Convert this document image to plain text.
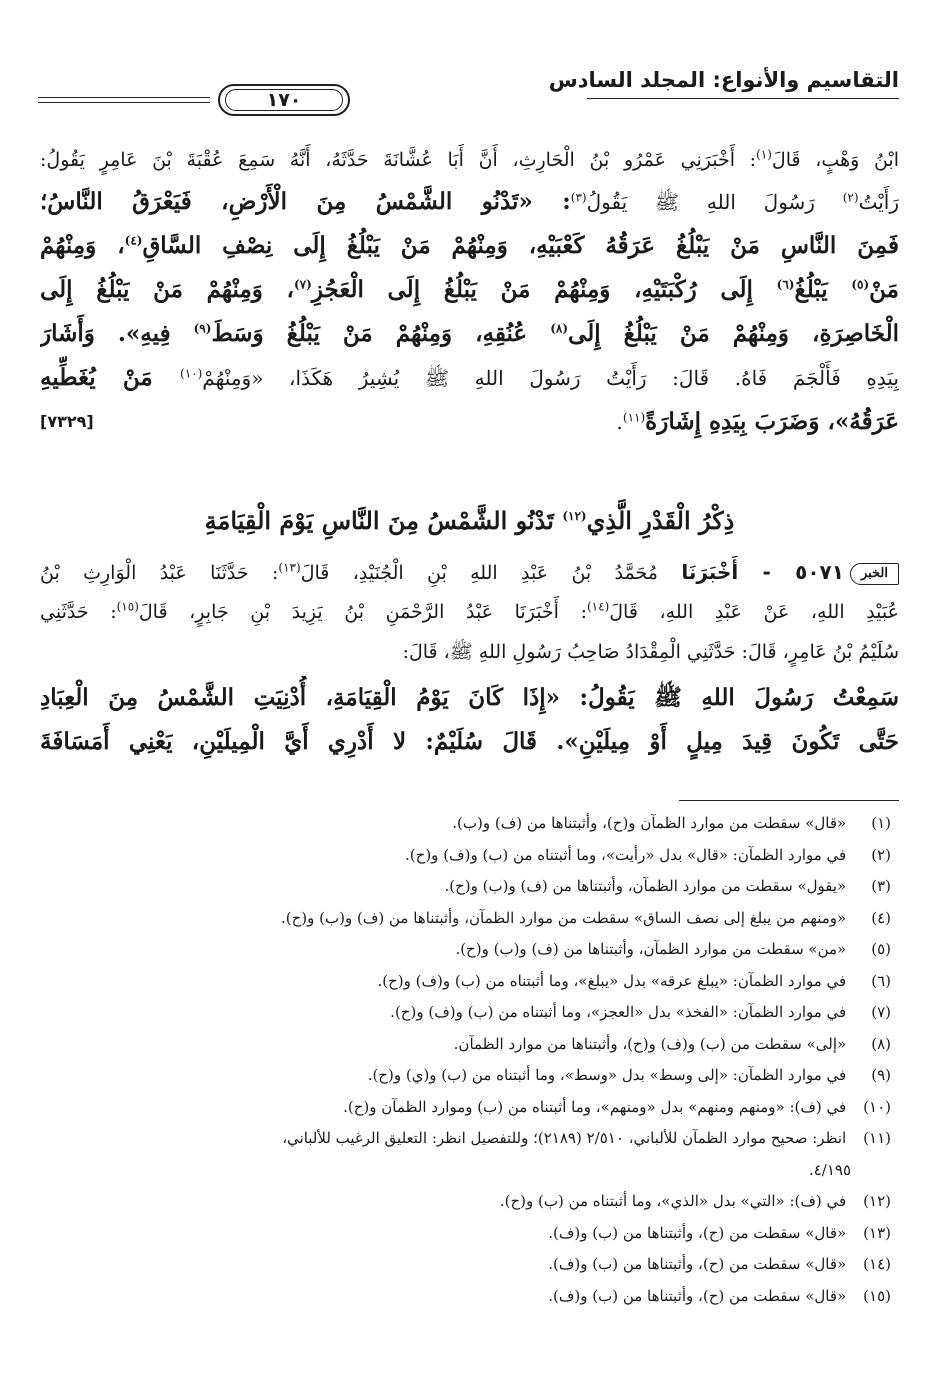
التقاسيم والأنواع: المجلد السادس
١٧٠
ابْنُ وَهْبٍ، قَالَ$^{(١)}$: أَخْبَرَنِي عَمْرُو بْنُ الْحَارِثِ، أَنَّ أَبَا عُشَّانَةَ حَدَّثَهُ، أَنَّهُ سَمِعَ عُقْبَةَ بْنَ عَامِرٍ يَقُولُ:
رَأَيْتُ$^{(٢)}$ رَسُولَ اللهِ ﷺ يَقُولُ$^{(٣)}$: «تَدْنُو الشَّمْسُ مِنَ الْأَرْضِ، فَيَعْرَقُ النَّاسُ؛
فَمِنَ النَّاسِ مَنْ يَبْلُغُ عَرَقُهُ كَعْبَيْهِ، وَمِنْهُمْ مَنْ يَبْلُغُ إِلَى نِصْفِ السَّاقِ$^{(٤)}$، وَمِنْهُمْ
مَنْ$^{(٥)}$ يَبْلُغُ$^{(٦)}$ إِلَى رُكْبَتَيْهِ، وَمِنْهُمْ مَنْ يَبْلُغُ إِلَى الْعَجُزِ$^{(٧)}$، وَمِنْهُمْ مَنْ يَبْلُغُ إِلَى
الْخَاصِرَةِ، وَمِنْهُمْ مَنْ يَبْلُغُ إِلَى$^{(٨)}$ عُنُقِهِ، وَمِنْهُمْ مَنْ يَبْلُغُ وَسَطَ$^{(٩)}$ فِيهِ». وَأَشَارَ
بِيَدِهِ فَأَلْجَمَ فَاهُ. قَالَ: رَأَيْتُ رَسُولَ اللهِ ﷺ يُشِيرُ هَكَذَا، «وَمِنْهُمْ$^{(١٠)}$ مَنْ يُغَطِّيهِ
عَرَقُهُ»، وَضَرَبَ بِيَدِهِ إِشَارَةً$^{(١١)}$.
[٧٣٢٩]
ذِكْرُ الْقَدْرِ الَّذِي$^{(١٢)}$ تَدْنُو الشَّمْسُ مِنَ النَّاسِ يَوْمَ الْقِيَامَةِ
الخبر٥٠٧١ - أَخْبَرَنَا مُحَمَّدُ بْنُ عَبْدِ اللهِ بْنِ الْجُنَيْدِ، قَالَ$^{(١٣)}$: حَدَّثَنَا عَبْدُ الْوَارِثِ بْنُ
عُبَيْدِ اللهِ، عَنْ عَبْدِ اللهِ، قَالَ$^{(١٤)}$: أَخْبَرَنَا عَبْدُ الرَّحْمَنِ بْنُ يَزِيدَ بْنِ جَابِرٍ، قَالَ$^{(١٥)}$: حَدَّثَنِي
سُلَيْمُ بْنُ عَامِرٍ، قَالَ: حَدَّثَنِي الْمِقْدَادُ صَاحِبُ رَسُولِ اللهِ ﷺ، قَالَ:
سَمِعْتُ رَسُولَ اللهِ ﷺ يَقُولُ: «إِذَا كَانَ يَوْمُ الْقِيَامَةِ، أُدْنِيَتِ الشَّمْسُ مِنَ الْعِبَادِ
حَتَّى تَكُونَ قِيدَ مِيلٍ أَوْ مِيلَيْنِ». قَالَ سُلَيْمٌ: لا أَدْرِي أَيَّ الْمِيلَيْنِ، يَعْنِي أَمَسَافَةَ
(١) «قال» سقطت من موارد الظمآن و(ح)، وأثبتناها من (ف) و(ب).
(٢) في موارد الظمآن: «قال» بدل «رأيت»، وما أثبتناه من (ب) و(ف) و(ح).
(٣) «يقول» سقطت من موارد الظمآن، وأثبتناها من (ف) و(ب) و(ح).
(٤) «ومنهم من يبلغ إلى نصف الساق» سقطت من موارد الظمآن، وأثبتناها من (ف) و(ب) و(ح).
(٥) «من» سقطت من موارد الظمآن، وأثبتناها من (ف) و(ب) و(ح).
(٦) في موارد الظمآن: «يبلغ عرقه» بدل «يبلغ»، وما أثبتناه من (ب) و(ف) و(ح).
(٧) في موارد الظمآن: «الفخذ» بدل «العجز»، وما أثبتناه من (ب) و(ف) و(ح).
(٨) «إلى» سقطت من (ب) و(ف) و(ح)، وأثبتناها من موارد الظمآن.
(٩) في موارد الظمآن: «إلى وسط» بدل «وسط»، وما أثبتناه من (ب) و(ي) و(ح).
(١٠) في (ف): «ومنهم ومنهم» بدل «ومنهم»، وما أثبتناه من (ب) وموارد الظمآن و(ح).
(١١) انظر: صحيح موارد الظمآن للألباني، ٢/٥١٠ (٢١٨٩)؛ وللتفصيل انظر: التعليق الرغيب للألباني،
٤/١٩٥.
(١٢) في (ف): «التي» بدل «الذي»، وما أثبتناه من (ب) و(ح).
(١٣) «قال» سقطت من (ح)، وأثبتناها من (ب) و(ف).
(١٤) «قال» سقطت من (ح)، وأثبتناها من (ب) و(ف).
(١٥) «قال» سقطت من (ح)، وأثبتناها من (ب) و(ف).
